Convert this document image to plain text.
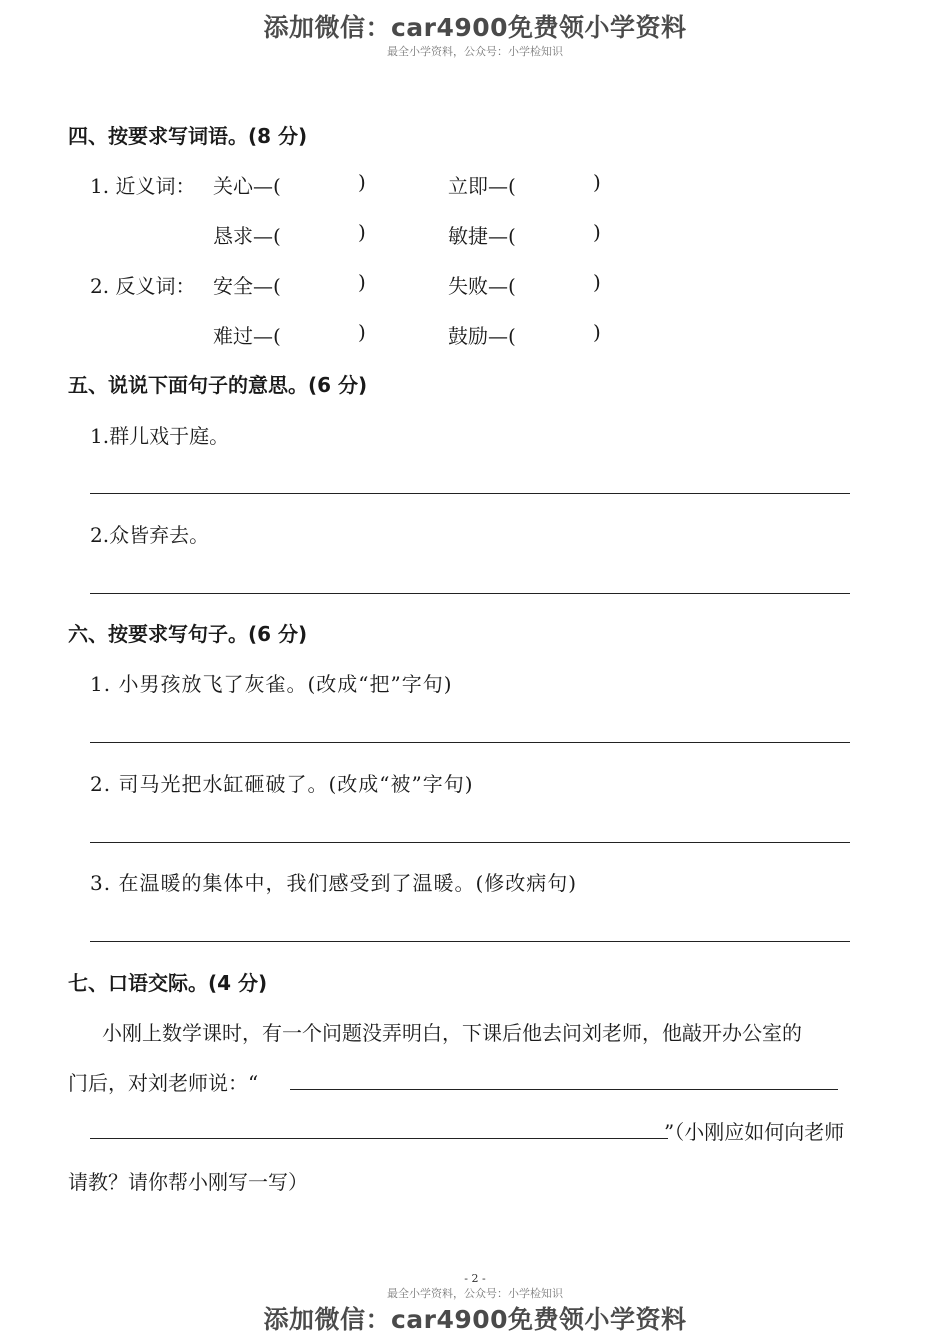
添加微信：car4900免费领小学资料
最全小学资料，公众号：小学检知识
四、按要求写词语。(8 分)
1. 近义词： 关心—(	)	立即—(	)
恳求—(	)	敏捷—(	)
2. 反义词： 安全—(	)	失败—(	)
难过—(	)	鼓励—(	)
五、说说下面句子的意思。(6 分)
1.群儿戏于庭。
2.众皆弃去。
六、按要求写句子。(6 分)
1. 小男孩放飞了灰雀。(改成“把”字句)
2. 司马光把水缸砸破了。(改成“被”字句)
3. 在温暖的集体中，我们感受到了温暖。(修改病句)
七、口语交际。(4 分)
小刚上数学课时，有一个问题没弄明白，下课后他去问刘老师，他敲开办公室的
门后，对刘老师说：“
”（小刚应如何向老师
请教？请你帮小刚写一写）
- 2 -
最全小学资料，公众号：小学检知识
添加微信：car4900免费领小学资料
